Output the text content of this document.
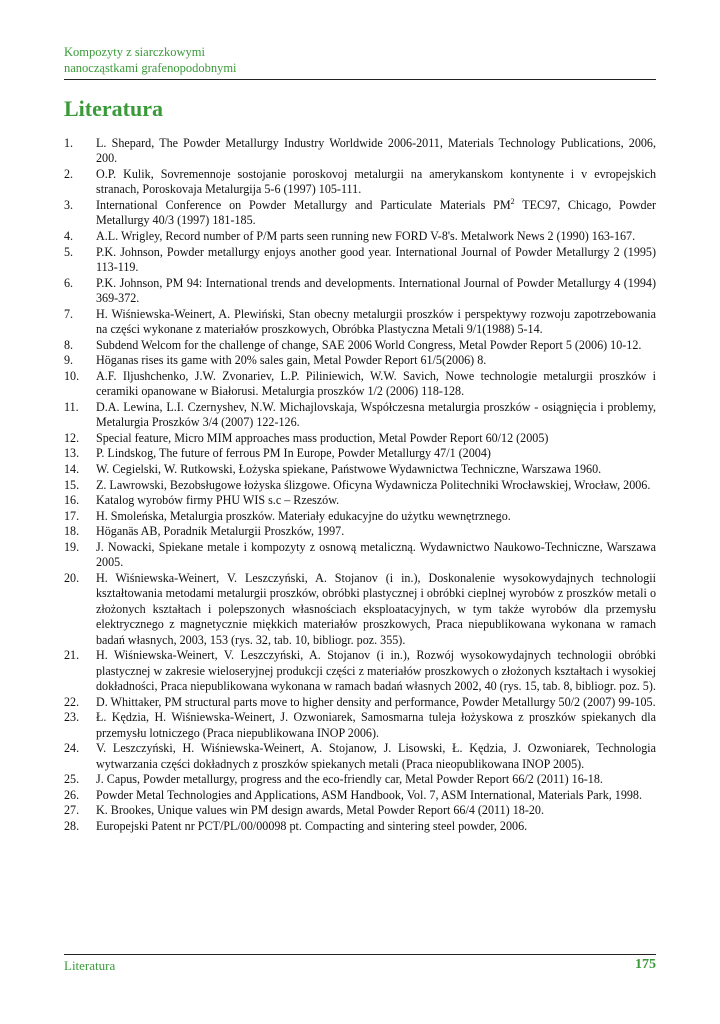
Kompozyty z siarczkowymi
nanocząstkami grafenopodobnymi
Literatura
1.	L. Shepard, The Powder Metallurgy Industry Worldwide 2006-2011, Materials Technology Publications, 2006, 200.
2.	O.P. Kulik, Sovremennoje sostojanie poroskovoj metalurgii na amerykanskom kontynente i v evropejskich stranach, Poroskovaja Metalurgija 5-6 (1997) 105-111.
3.	International Conference on Powder Metallurgy and Particulate Materials $PM^2$ TEC97, Chicago, Powder Metallurgy 40/3 (1997) 181-185.
4.	A.L. Wrigley, Record number of P/M parts seen running new FORD V-8's. Metalwork News 2 (1990) 163-167.
5.	P.K. Johnson, Powder metallurgy enjoys another good year. International Journal of Powder Metallurgy 2 (1995) 113-119.
6.	P.K. Johnson, PM 94: International trends and developments. International Journal of Powder Metallurgy 4 (1994) 369-372.
7.	H. Wiśniewska-Weinert, A. Plewiński, Stan obecny metalurgii proszków i perspektywy rozwoju zapotrzebowania na części wykonane z materiałów proszkowych, Obróbka Plastyczna Metali 9/1(1988) 5-14.
8.	Subdend Welcom for the challenge of change, SAE 2006 World Congress, Metal Powder Report 5 (2006) 10-12.
9.	Höganas rises its game with 20% sales gain, Metal Powder Report 61/5(2006) 8.
10.	A.F. Iljushchenko, J.W. Zvonariev, L.P. Piliniewich, W.W. Savich, Nowe technologie metalurgii proszków i ceramiki opanowane w Białorusi. Metalurgia proszków 1/2 (2006) 118-128.
11.	D.A. Lewina, L.I. Czernyshev, N.W. Michajlovskaja, Współczesna metalurgia proszków - osiągnięcia i problemy, Metalurgia Proszków 3/4 (2007) 122-126.
12.	Special feature, Micro MIM approaches mass production, Metal Powder Report 60/12 (2005)
13.	P. Lindskog, The future of ferrous PM In Europe, Powder Metallurgy 47/1 (2004)
14.	W. Cegielski, W. Rutkowski, Łożyska spiekane, Państwowe Wydawnictwa Techniczne, Warszawa 1960.
15.	Z. Lawrowski, Bezobsługowe łożyska ślizgowe. Oficyna Wydawnicza Politechniki Wrocławskiej, Wrocław, 2006.
16.	Katalog wyrobów firmy PHU WIS s.c – Rzeszów.
17.	H. Smoleńska, Metalurgia proszków. Materiały edukacyjne do użytku wewnętrznego.
18.	Höganäs AB, Poradnik Metalurgii Proszków, 1997.
19.	J. Nowacki, Spiekane metale i kompozyty z osnową metaliczną. Wydawnictwo Naukowo-Techniczne, Warszawa 2005.
20.	H. Wiśniewska-Weinert, V. Leszczyński, A. Stojanov (i in.), Doskonalenie wysokowydajnych technologii kształtowania metodami metalurgii proszków, obróbki plastycznej i obróbki cieplnej wyrobów z proszków metali o złożonych kształtach i polepszonych własnościach eksploatacyjnych, w tym także wyrobów dla przemysłu elektrycznego z magnetycznie miękkich materiałów proszkowych, Praca niepublikowana wykonana w ramach badań własnych, 2003, 153 (rys. 32, tab. 10, bibliogr. poz. 355).
21.	H. Wiśniewska-Weinert, V. Leszczyński, A. Stojanov (i in.), Rozwój wysokowydajnych technologii obróbki plastycznej w zakresie wieloseryjnej produkcji części z materiałów proszkowych o złożonych kształtach i wysokiej dokładności, Praca niepublikowana wykonana w ramach badań własnych 2002, 40 (rys. 15, tab. 8, bibliogr. poz. 5).
22.	D. Whittaker, PM structural parts move to higher density and performance, Powder Metallurgy 50/2 (2007) 99-105.
23.	Ł. Kędzia, H. Wiśniewska-Weinert, J. Ozwoniarek, Samosmarna tuleja łożyskowa z proszków spiekanych dla przemysłu lotniczego (Praca niepublikowana INOP 2006).
24.	V. Leszczyński, H. Wiśniewska-Weinert, A. Stojanow, J. Lisowski, Ł. Kędzia, J. Ozwoniarek, Technologia wytwarzania części dokładnych z proszków spiekanych metali (Praca nieopublikowana INOP 2005).
25.	J. Capus, Powder metallurgy, progress and the eco-friendly car, Metal Powder Report 66/2 (2011) 16-18.
26.	Powder Metal Technologies and Applications, ASM Handbook, Vol. 7, ASM International, Materials Park, 1998.
27.	K. Brookes, Unique values win PM design awards, Metal Powder Report 66/4 (2011) 18-20.
28.	Europejski Patent nr PCT/PL/00/00098 pt. Compacting and sintering steel powder, 2006.
Literatura	175
